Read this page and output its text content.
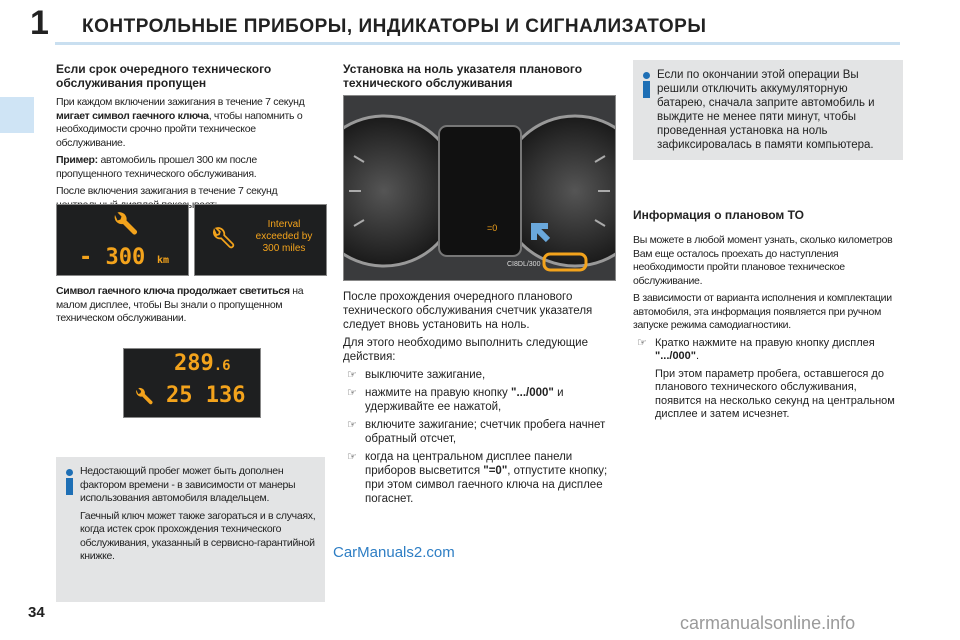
1 КОНТРОЛЬНЫЕ ПРИБОРЫ, ИНДИКАТОРЫ И СИГНАЛИЗАТОРЫ
Если срок очередного технического обслуживания пропущен

При каждом включении зажигания в течение 7 секунд мигает символ гаечного ключа, чтобы напомнить о необходимости срочно пройти техническое обслуживание.

Пример: автомобиль прошел 300 км после пропущенного технического обслуживания.

После включения зажигания в течение 7 секунд показывает:

- 300 km
Interval
exceeded by
300 miles

Символ гаечного ключа продолжает светиться на малом дисплее, чтобы Вы знали о пропущенном техническом обслуживании.

289.6
25 136

Недостающий пробег может быть дополнен фактором времени - в зависимости от манеры использования автомобиля владельцем.

Гаечный ключ может также загораться и в случаях, когда истек срок прохождения технического обслуживания, указанный в сервисно-гарантийной книжке.

Установка на ноль указателя планового технического обслуживания
=0
CI8DL/300

После прохождения очередного планового технического обслуживания счетчик указателя следует вновь установить на ноль.

Для этого необходимо выполнить следующие действия:

☞ выключите зажигание,
☞ нажмите на правую кнопку ".../000" и удерживайте ее нажатой,
☞ включите зажигание; счетчик пробега начнет обратный отсчет,
☞ когда на центральном дисплее панели приборов высветится "=0", отпустите кнопку; при этом символ гаечного ключа на дисплее погаснет.

Если по окончании этой операции Вы решили отключить аккумуляторную батарею, сначала заприте автомобиль и выждите не менее пяти минут, чтобы проведенная установка на ноль зафиксировалась в памяти компьютера.

Информация о плановом ТО

Вы можете в любой момент узнать, сколько километров Вам еще осталось проехать до наступления необходимости пройти плановое техническое обслуживание.

В зависимости от варианта исполнения и комплектации автомобиля, эта информация появляется при ручном запуске режима самодиагностики.

☞ Кратко нажмите на правую кнопку дисплея ".../000".
При этом параметр пробега, оставшегося до планового технического обслуживания, появится на несколько секунд на центральном дисплее и затем исчезнет.
34
CarManuals2.com
carmanualsonline.info
